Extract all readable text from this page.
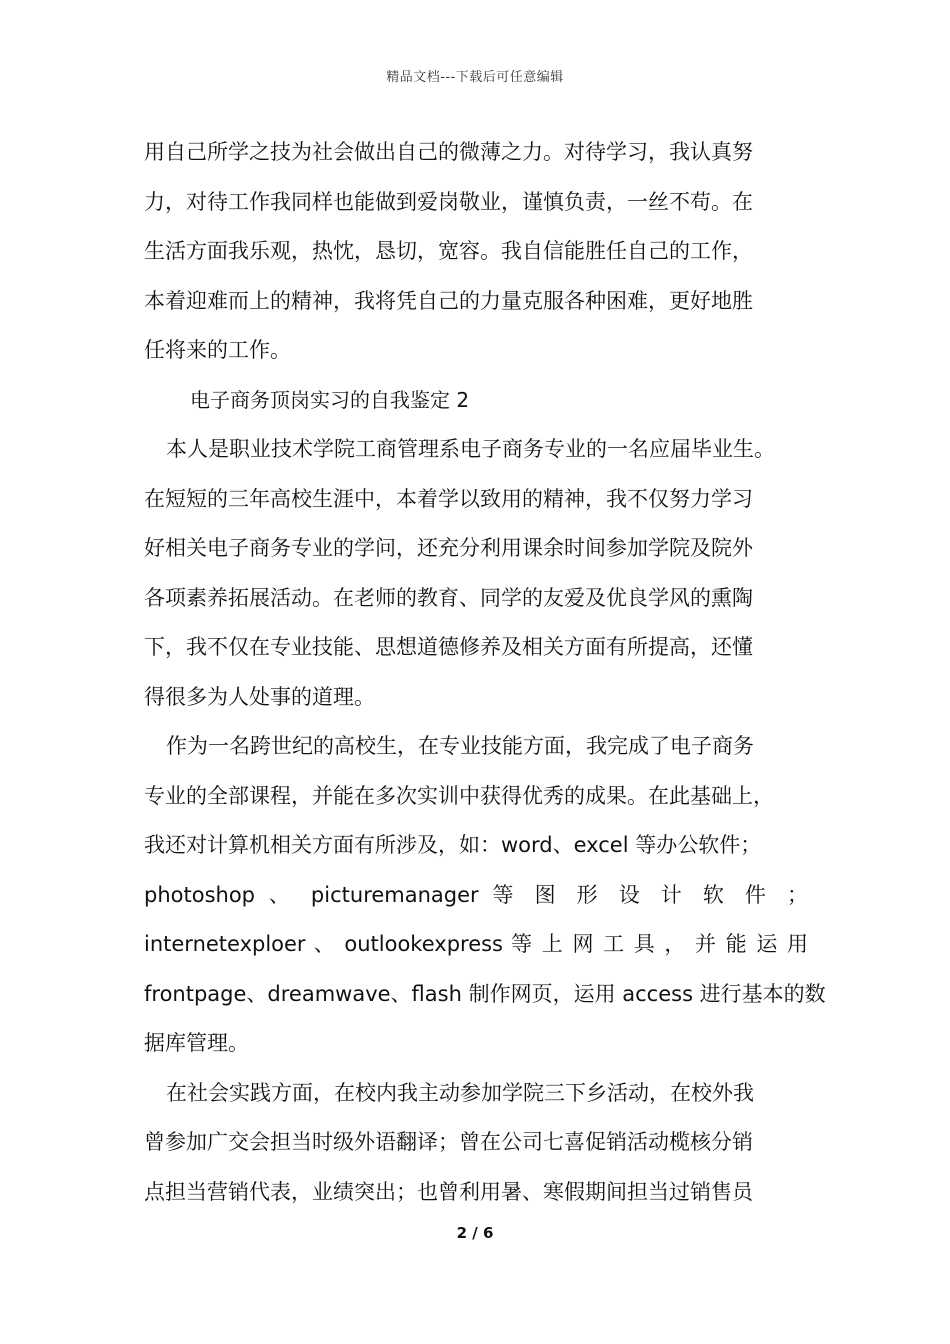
精品文档---下载后可任意编辑
用自己所学之技为社会做出自己的微薄之力。对待学习，我认真努
力，对待工作我同样也能做到爱岗敬业，谨慎负责，一丝不苟。在
生活方面我乐观，热忱，恳切，宽容。我自信能胜任自己的工作，
本着迎难而上的精神，我将凭自己的力量克服各种困难，更好地胜
任将来的工作。
电子商务顶岗实习的自我鉴定 2
本人是职业技术学院工商管理系电子商务专业的一名应届毕业生。
在短短的三年高校生涯中，本着学以致用的精神，我不仅努力学习
好相关电子商务专业的学问，还充分利用课余时间参加学院及院外
各项素养拓展活动。在老师的教育、同学的友爱及优良学风的熏陶
下，我不仅在专业技能、思想道德修养及相关方面有所提高，还懂
得很多为人处事的道理。
作为一名跨世纪的高校生，在专业技能方面，我完成了电子商务
专业的全部课程，并能在多次实训中获得优秀的成果。在此基础上，
我还对计算机相关方面有所涉及，如：word、excel 等办公软件；
photoshop 、 picturemanager 等 图 形 设 计 软 件 ；
internetexploer 、 outlookexpress 等 上 网 工 具 ， 并 能 运 用
frontpage、dreamwave、flash 制作网页，运用 access 进行基本的数
据库管理。
在社会实践方面，在校内我主动参加学院三下乡活动，在校外我
曾参加广交会担当时级外语翻译；曾在公司七喜促销活动榄核分销
点担当营销代表，业绩突出；也曾利用暑、寒假期间担当过销售员
2 / 6
